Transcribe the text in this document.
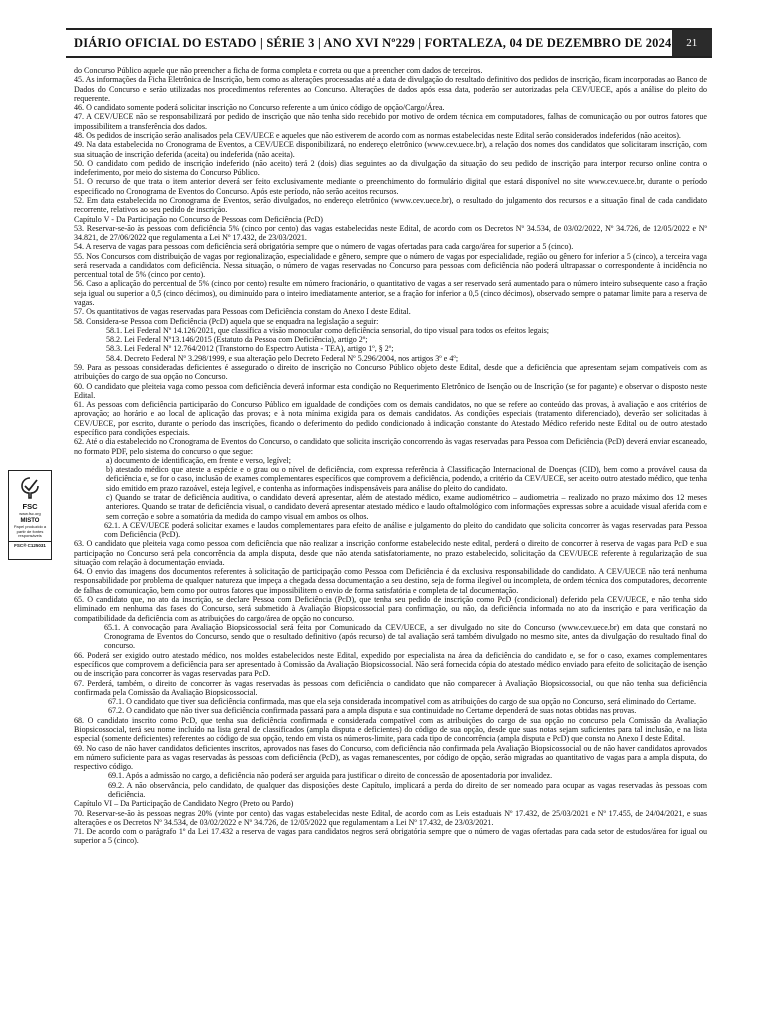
DIÁRIO OFICIAL DO ESTADO | SÉRIE 3 | ANO XVI Nº229 | FORTALEZA, 04 DE DEZEMBRO DE 2024	21
FSC
www.fsc.org
MISTO
Papel produzido a partir de fontes responsáveis
FSC® C125031

do Concurso Público aquele que não preencher a ficha de forma completa e correta ou que a preencher com dados de terceiros.

45. As informações da Ficha Eletrônica de Inscrição, bem como as alterações processadas até a data de divulgação do resultado definitivo dos pedidos de inscrição, ficam incorporadas ao Banco de Dados do Concurso e serão utilizadas nos procedimentos referentes ao Concurso. Alterações de dados após essa data, poderão ser autorizadas pela CEV/UECE, após a análise do pleito do requerente.

46. O candidato somente poderá solicitar inscrição no Concurso referente a um único código de opção/Cargo/Área.

47. A CEV/UECE não se responsabilizará por pedido de inscrição que não tenha sido recebido por motivo de ordem técnica em computadores, falhas de comunicação ou por outros fatores que impossibilitem a transferência dos dados.

48. Os pedidos de inscrição serão analisados pela CEV/UECE e aqueles que não estiverem de acordo com as normas estabelecidas neste Edital serão considerados indeferidos (não aceitos).

49. Na data estabelecida no Cronograma de Eventos, a CEV/UECE disponibilizará, no endereço eletrônico (www.cev.uece.br), a relação dos nomes dos candidatos que solicitaram inscrição, com sua situação de inscrição deferida (aceita) ou indeferida (não aceita).

50. O candidato com pedido de inscrição indeferido (não aceito) terá 2 (dois) dias seguintes ao da divulgação da situação do seu pedido de inscrição para interpor recurso online contra o indeferimento, por meio do sistema do Concurso Público.

51. O recurso de que trata o item anterior deverá ser feito exclusivamente mediante o preenchimento do formulário digital que estará disponível no site www.cev.uece.br, durante o período especificado no Cronograma de Eventos do Concurso. Após este período, não serão aceitos recursos.

52. Em data estabelecida no Cronograma de Eventos, serão divulgados, no endereço eletrônico (www.cev.uece.br), o resultado do julgamento dos recursos e a situação final de cada candidato recorrente, relativos ao seu pedido de inscrição.

Capítulo V - Da Participação no Concurso de Pessoas com Deficiência (PcD)

53. Reservar-se-ão às pessoas com deficiência 5% (cinco por cento) das vagas estabelecidas neste Edital, de acordo com os Decretos Nº 34.534, de 03/02/2022, Nº 34.726, de 12/05/2022 e Nº 34.821, de 27/06/2022 que regulamenta a Lei Nº 17.432, de 23/03/2021.

54. A reserva de vagas para pessoas com deficiência será obrigatória sempre que o número de vagas ofertadas para cada cargo/área for superior a 5 (cinco).

55. Nos Concursos com distribuição de vagas por regionalização, especialidade e gênero, sempre que o número de vagas por especialidade, região ou gênero for inferior a 5 (cinco), a terceira vaga será reservada a candidatos com deficiência. Nessa situação, o número de vagas reservadas no Concurso para pessoas com deficiência não poderá ultrapassar o correspondente à incidência no percentual total de 5% (cinco por cento).

56. Caso a aplicação do percentual de 5% (cinco por cento) resulte em número fracionário, o quantitativo de vagas a ser reservado será aumentado para o número inteiro subsequente caso a fração seja igual ou superior a 0,5 (cinco décimos), ou diminuído para o inteiro imediatamente anterior, se a fração for inferior a 0,5 (cinco décimos), observado sempre o patamar limite para a reserva de vagas.

57. Os quantitativos de vagas reservadas para Pessoas com Deficiência constam do Anexo I deste Edital.

58. Considera-se Pessoa com Deficiência (PcD) aquela que se enquadra na legislação a seguir:

58.1. Lei Federal Nº 14.126/2021, que classifica a visão monocular como deficiência sensorial, do tipo visual para todos os efeitos legais;

58.2. Lei Federal Nº13.146/2015 (Estatuto da Pessoa com Deficiência), artigo 2º;

58.3. Lei Federal Nº 12.764/2012 (Transtorno do Espectro Autista - TEA), artigo 1º, § 2º;

58.4. Decreto Federal Nº 3.298/1999, e sua alteração pelo Decreto Federal Nº 5.296/2004, nos artigos 3º e 4º;

59. Para as pessoas consideradas deficientes é assegurado o direito de inscrição no Concurso Público objeto deste Edital, desde que a deficiência que apresentam sejam compatíveis com as atribuições do cargo de sua opção no Concurso.

60. O candidato que pleiteia vaga como pessoa com deficiência deverá informar esta condição no Requerimento Eletrônico de Isenção ou de Inscrição (se for pagante) e observar o disposto neste Edital.

61. As pessoas com deficiência participarão do Concurso Público em igualdade de condições com os demais candidatos, no que se refere ao conteúdo das provas, à avaliação e aos critérios de aprovação; ao horário e ao local de aplicação das provas; e à nota mínima exigida para os demais candidatos. As condições especiais (tratamento diferenciado), deverão ser solicitadas à CEV/UECE, por escrito, durante o período das inscrições, ficando o deferimento do pedido condicionado à indicação constante do Atestado Médico referido neste Edital ou de outro atestado específico para condições especiais.

62. Até o dia estabelecido no Cronograma de Eventos do Concurso, o candidato que solicita inscrição concorrendo às vagas reservadas para Pessoa com Deficiência (PcD) deverá enviar escaneado, no formato PDF, pelo sistema do concurso o que segue:

a) documento de identificação, em frente e verso, legível;

b) atestado médico que ateste a espécie e o grau ou o nível de deficiência, com expressa referência à Classificação Internacional de Doenças (CID), bem como a provável causa da deficiência e, se for o caso, inclusão de exames complementares específicos que comprovem a deficiência, podendo, a critério da CEV/UECE, ser aceito outro atestado médico, que tenha sido emitido em prazo razoável, esteja legível, e contenha as informações indispensáveis para análise do pleito do candidato.

c) Quando se tratar de deficiência auditiva, o candidato deverá apresentar, além de atestado médico, exame audiométrico – audiometria – realizado no prazo máximo dos 12 meses anteriores. Quando se tratar de deficiência visual, o candidato deverá apresentar atestado médico e laudo oftalmológico com informações expressas sobre a acuidade visual aferida com e sem correção e sobre a somatória da medida do campo visual em ambos os olhos.

62.1. A CEV/UECE poderá solicitar exames e laudos complementares para efeito de análise e julgamento do pleito do candidato que solicita concorrer às vagas reservadas para Pessoa com Deficiência (PcD).

63. O candidato que pleiteia vaga como pessoa com deficiência que não realizar a inscrição conforme estabelecido neste edital, perderá o direito de concorrer à reserva de vagas para PcD e sua participação no Concurso será pela concorrência da ampla disputa, desde que não atenda satisfatoriamente, no prazo estabelecido, solicitação da CEV/UECE referente à regularização de sua situação com relação à documentação enviada.

64. O envio das imagens dos documentos referentes à solicitação de participação como Pessoa com Deficiência é da exclusiva responsabilidade do candidato. A CEV/UECE não terá nenhuma responsabilidade por problema de qualquer natureza que impeça a chegada dessa documentação a seu destino, seja de forma ilegível ou incompleta, de ordem técnica dos computadores, decorrente de falhas de comunicação, bem como por outros fatores que impossibilitem o envio de forma satisfatória e completa de tal documentação.

65. O candidato que, no ato da inscrição, se declare Pessoa com Deficiência (PcD), que tenha seu pedido de inscrição como PcD (condicional) deferido pela CEV/UECE, e não tenha sido eliminado em nenhuma das fases do Concurso, será submetido à Avaliação Biopsicossocial para confirmação, ou não, da deficiência informada no ato da inscrição e para verificação da compatibilidade da deficiência com as atribuições do cargo/área de opção no concurso.

65.1. A convocação para Avaliação Biopsicossocial será feita por Comunicado da CEV/UECE, a ser divulgado no site do Concurso (www.cev.uece.br) em data que constará no Cronograma de Eventos do Concurso, sendo que o resultado definitivo (após recurso) de tal avaliação será também divulgado no mesmo site, antes da divulgação do resultado final do concurso.

66. Poderá ser exigido outro atestado médico, nos moldes estabelecidos neste Edital, expedido por especialista na área da deficiência do candidato e, se for o caso, exames complementares específicos que comprovem a deficiência para ser apresentado à Comissão da Avaliação Biopsicossocial. Não será fornecida cópia do atestado médico enviado para efeito de solicitação de isenção ou de inscrição para concorrer às vagas reservadas para PcD.

67. Perderá, também, o direito de concorrer às vagas reservadas às pessoas com deficiência o candidato que não comparecer à Avaliação Biopsicossocial, ou que não tenha sua deficiência confirmada pela Comissão da Avaliação Biopsicossocial.

67.1. O candidato que tiver sua deficiência confirmada, mas que ela seja considerada incompatível com as atribuições do cargo de sua opção no Concurso, será eliminado do Certame.

67.2. O candidato que não tiver sua deficiência confirmada passará para a ampla disputa e sua continuidade no Certame dependerá de suas notas obtidas nas provas.

68. O candidato inscrito como PcD, que tenha sua deficiência confirmada e considerada compatível com as atribuições do cargo de sua opção no concurso pela Comissão da Avaliação Biopsicossocial, terá seu nome incluído na lista geral de classificados (ampla disputa e deficientes) do código de sua opção, desde que suas notas sejam suficientes para tal inclusão, e na lista especial (somente deficientes) referentes ao código de sua opção, tendo em vista os números-limite, para cada tipo de concorrência (ampla disputa e PcD) que consta no Anexo I deste Edital.

69. No caso de não haver candidatos deficientes inscritos, aprovados nas fases do Concurso, com deficiência não confirmada pela Avaliação Biopsicossocial ou de não haver candidatos aprovados em número suficiente para as vagas reservadas às pessoas com deficiência (PcD), as vagas remanescentes, por código de opção, serão migradas ao quantitativo de vagas para a ampla disputa, do respectivo código.

69.1. Após a admissão no cargo, a deficiência não poderá ser arguida para justificar o direito de concessão de aposentadoria por invalidez.

69.2. A não observância, pelo candidato, de qualquer das disposições deste Capítulo, implicará a perda do direito de ser nomeado para ocupar as vagas reservadas às pessoas com deficiência.

Capítulo VI – Da Participação de Candidato Negro (Preto ou Pardo)

70. Reservar-se-ão às pessoas negras 20% (vinte por cento) das vagas estabelecidas neste Edital, de acordo com as Leis estaduais Nº 17.432, de 25/03/2021 e Nº 17.455, de 24/04/2021, e suas alterações e os Decretos Nº 34.534, de 03/02/2022 e Nº 34.726, de 12/05/2022 que regulamentam a Lei Nº 17.432, de 23/03/2021.

71. De acordo com o parágrafo 1º da Lei 17.432 a reserva de vagas para candidatos negros será obrigatória sempre que o número de vagas ofertadas para cada setor de estudos/área for igual ou superior a 5 (cinco).
